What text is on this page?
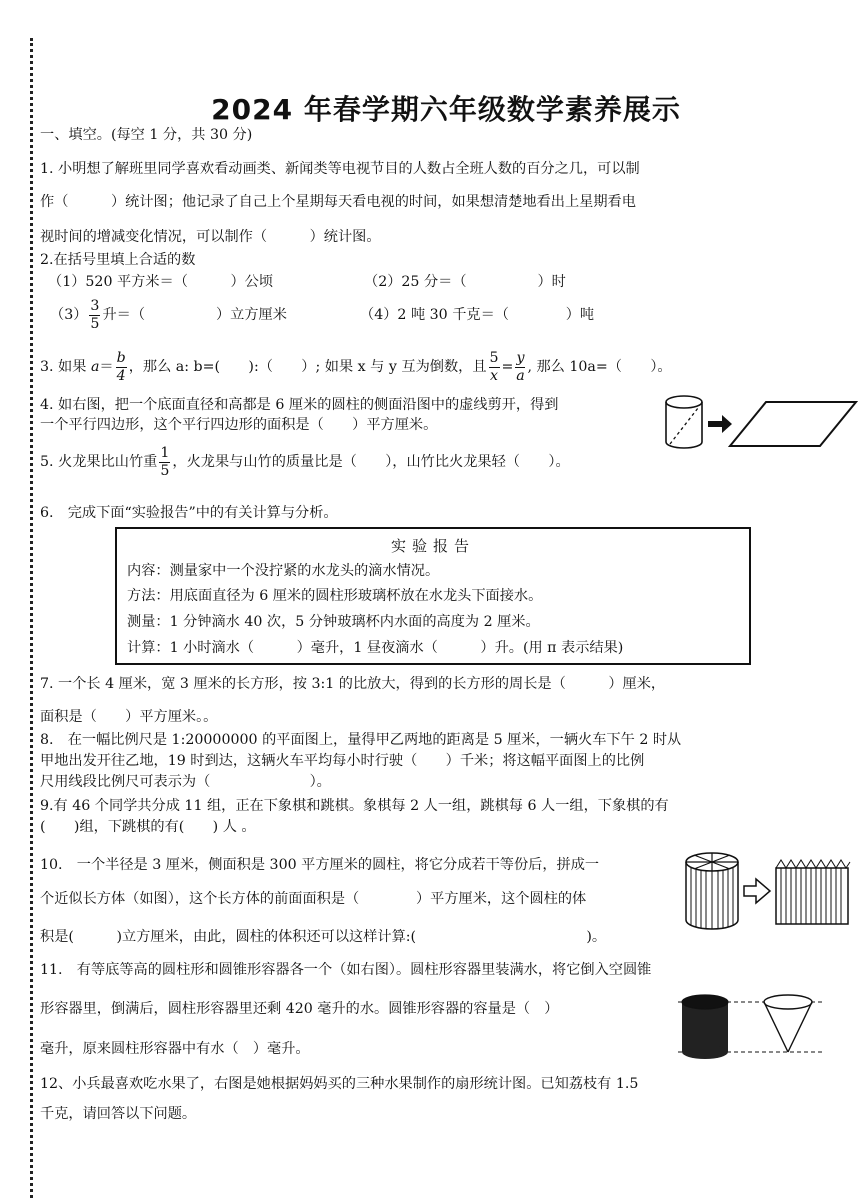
2024 年春学期六年级数学素养展示
一、填空。(每空 1 分，共 30 分)
1. 小明想了解班里同学喜欢看动画类、新闻类等电视节目的人数占全班人数的百分之几，可以制
作（　　　）统计图；他记录了自己上个星期每天看电视的时间，如果想清楚地看出上星期看电
视时间的增减变化情况，可以制作（　　　）统计图。
2.在括号里填上合适的数
（1）520 平方米＝（　　　）公顷	（2）25 分＝（　　　　　）时
$(3) \frac{3}{5}$ 升＝（　　　　　）立方厘米	（4）2 吨 30 千克＝（　　　　）吨
3. 如果 $a= \frac{b}{4}$ ，那么 a: b=(　　):（　　）; 如果 x 与 y 互为倒数，且 $\frac{5}{x} = \frac{y}{a}$ , 那么 10a=（　　）。
4. 如右图，把一个底面直径和高都是 6 厘米的圆柱的侧面沿图中的虚线剪开，得到
一个平行四边形，这个平行四边形的面积是（　　）平方厘米。
5. 火龙果比山竹重 $\frac{1}{5}$ ，火龙果与山竹的质量比是（　　），山竹比火龙果轻（　　）。
6.　完成下面“实验报告”中的有关计算与分析。
实验报告
内容：测量家中一个没拧紧的水龙头的滴水情况。
方法：用底面直径为 6 厘米的圆柱形玻璃杯放在水龙头下面接水。
测量：1 分钟滴水 40 次，5 分钟玻璃杯内水面的高度为 2 厘米。
计算：1 小时滴水（　　　）毫升，1 昼夜滴水（　　　）升。(用 π 表示结果)
7. 一个长 4 厘米，宽 3 厘米的长方形，按 3:1 的比放大，得到的长方形的周长是（　　　）厘米，
面积是（　　）平方厘米。。
8.　在一幅比例尺是 1:20000000 的平面图上，量得甲乙两地的距离是 5 厘米，一辆火车下午 2 时从
甲地出发开往乙地，19 时到达，这辆火车平均每小时行驶（　　）千米；将这幅平面图上的比例
尺用线段比例尺可表示为（　　　　　　　）。
9.有 46 个同学共分成 11 组，正在下象棋和跳棋。象棋每 2 人一组，跳棋每 6 人一组，下象棋的有
(　　)组，下跳棋的有(　　) 人 。
10.　一个半径是 3 厘米，侧面积是 300 平方厘米的圆柱，将它分成若干等份后，拼成一
个近似长方体（如图），这个长方体的前面面积是（　　　　）平方厘米，这个圆柱的体
积是(　　　)立方厘米，由此，圆柱的体积还可以这样计算:(　　　　　　　　　　　　)。
11.　有等底等高的圆柱形和圆锥形容器各一个（如右图）。圆柱形容器里装满水，将它倒入空圆锥
形容器里，倒满后，圆柱形容器里还剩 420 毫升的水。圆锥形容器的容量是（　）
毫升，原来圆柱形容器中有水（　）毫升。
12、小兵最喜欢吃水果了，右图是她根据妈妈买的三种水果制作的扇形统计图。已知荔枝有 1.5
千克，请回答以下问题。
